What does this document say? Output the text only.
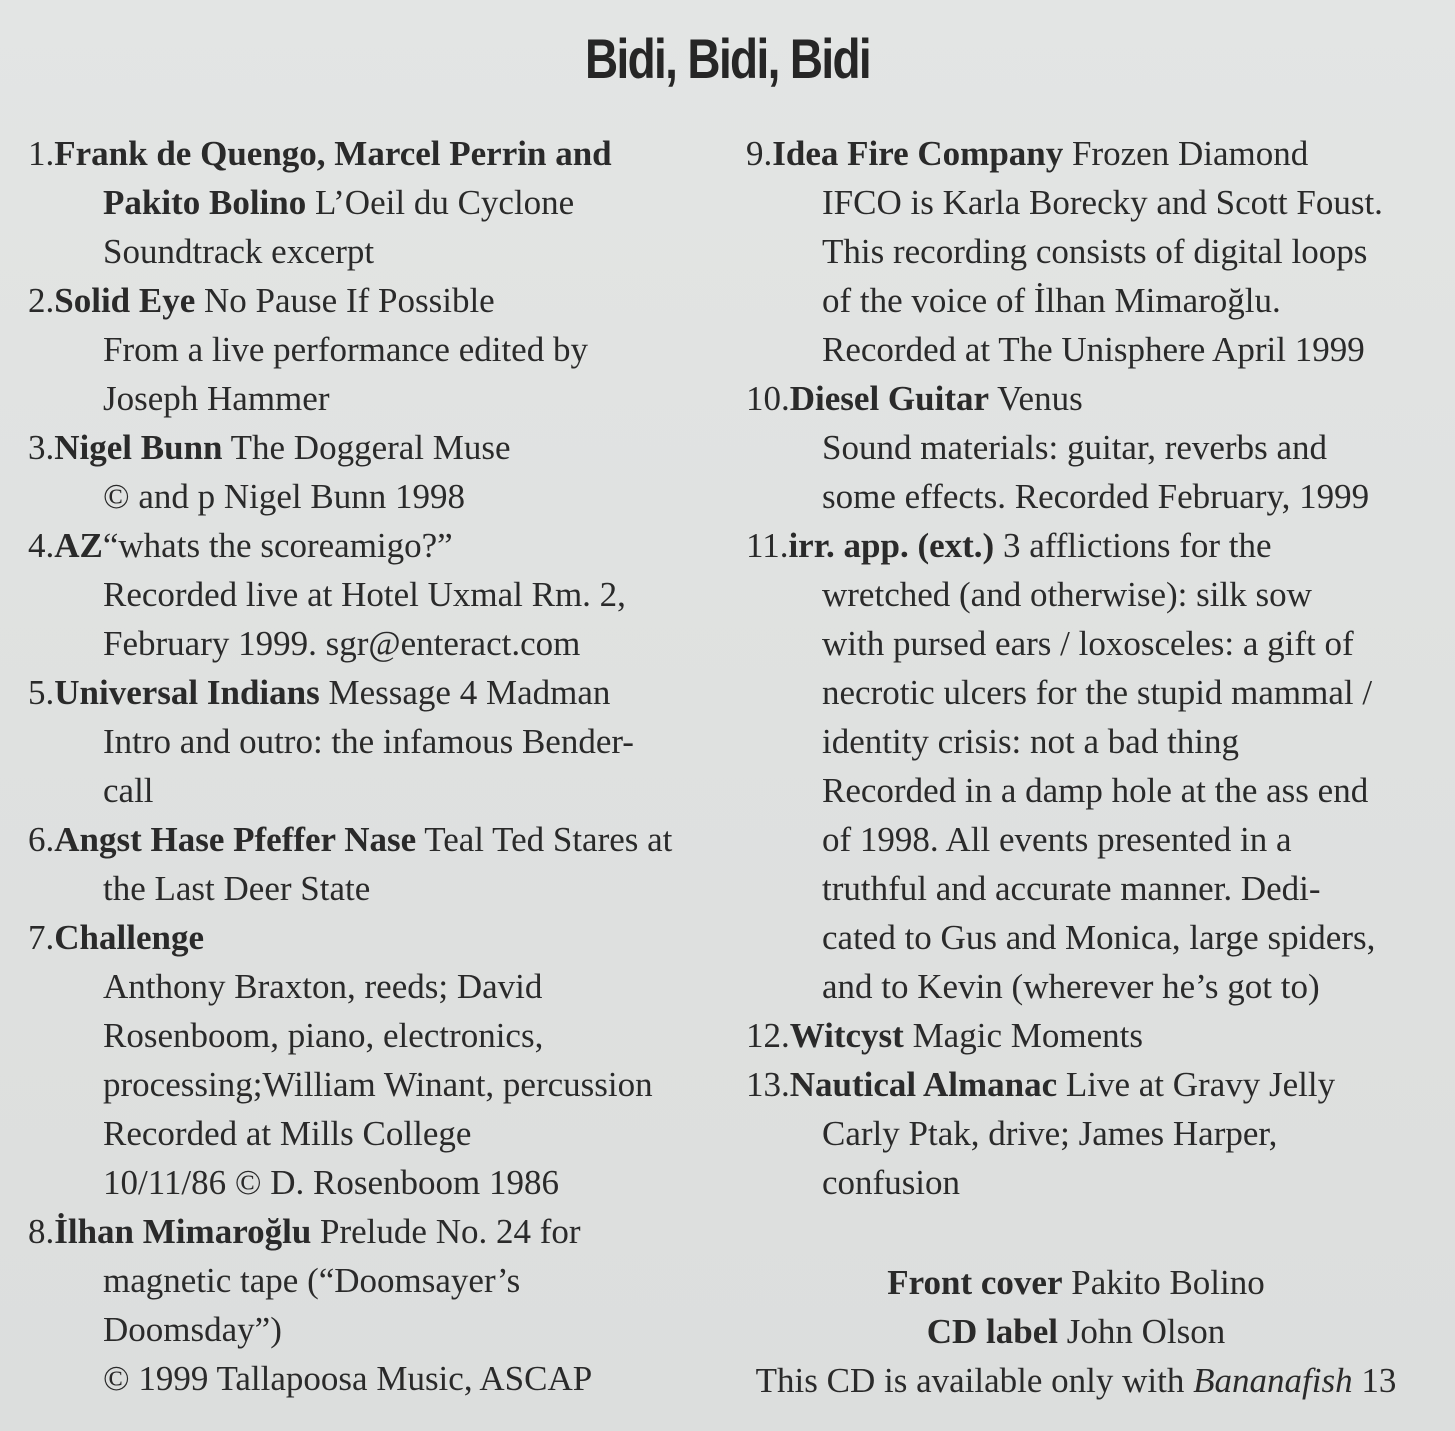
Bidi, Bidi, Bidi
1.Frank de Quengo, Marcel Perrin and
Pakito Bolino L’Oeil du Cyclone
Soundtrack excerpt
2.Solid Eye No Pause If Possible
From a live performance edited by
Joseph Hammer
3.Nigel Bunn The Doggeral Muse
© and p Nigel Bunn 1998
4.AZ“whats the scoreamigo?”
Recorded live at Hotel Uxmal Rm. 2,
February 1999. sgr@enteract.com
5.Universal Indians Message 4 Madman
Intro and outro: the infamous Bender-
call
6.Angst Hase Pfeffer Nase Teal Ted Stares at
the Last Deer State
7.Challenge
Anthony Braxton, reeds; David
Rosenboom, piano, electronics,
processing;William Winant, percussion
Recorded at Mills College
10/11/86 © D. Rosenboom 1986
8.İlhan Mimaroğlu Prelude No. 24 for
magnetic tape (“Doomsayer’s
Doomsday”)
© 1999 Tallapoosa Music, ASCAP
9.Idea Fire Company Frozen Diamond
IFCO is Karla Borecky and Scott Foust.
This recording consists of digital loops
of the voice of İlhan Mimaroğlu.
Recorded at The Unisphere April 1999
10.Diesel Guitar Venus
Sound materials: guitar, reverbs and
some effects. Recorded February, 1999
11.irr. app. (ext.) 3 afflictions for the
wretched (and otherwise): silk sow
with pursed ears / loxosceles: a gift of
necrotic ulcers for the stupid mammal /
identity crisis: not a bad thing
Recorded in a damp hole at the ass end
of 1998. All events presented in a
truthful and accurate manner. Dedi-
cated to Gus and Monica, large spiders,
and to Kevin (wherever he’s got to)
12.Witcyst Magic Moments
13.Nautical Almanac Live at Gravy Jelly
Carly Ptak, drive; James Harper,
confusion
Front cover Pakito Bolino
CD label John Olson
This CD is available only with Bananafish 13
